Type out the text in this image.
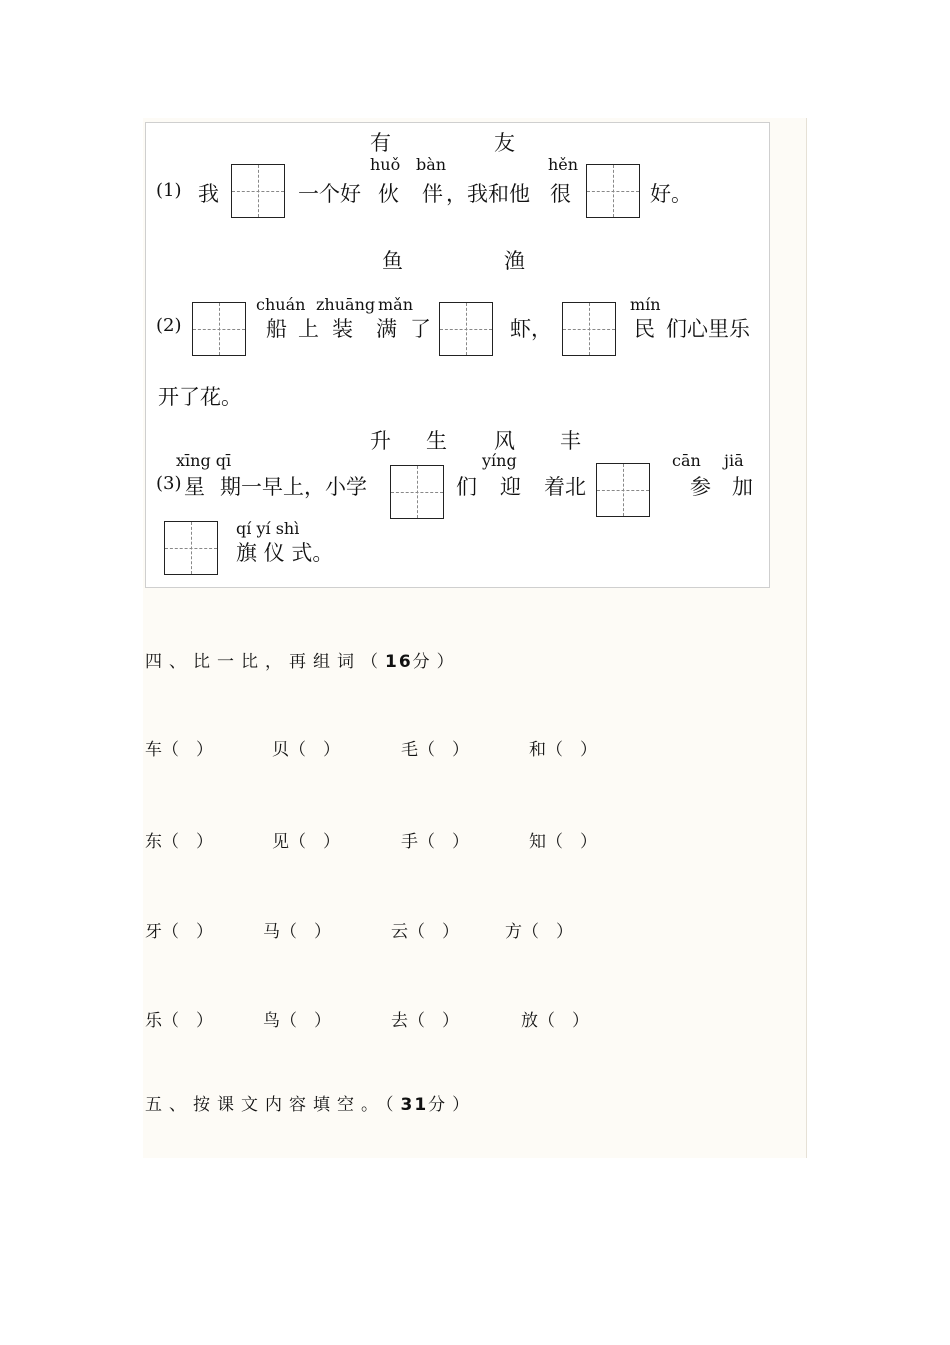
有	友
(1) 我	一个好
huǒ bàn
伙 伴 ，我和他
hěn
很	好。
鱼	渔
(2)
chuán zhuāng mǎn
船 上 装 满 了	虾，
mín
民 们心里乐
开了花。
升 生 风 丰
xīng qī
(3) 星 期一早上，小学	们
yíng
迎 着北
cān jiā
参 加
qí yí shì
旗 仪 式。
四、比一比，再组词（16分）
车（　）	贝（　）	毛（　）	和（　）
东（　）	见（　）	手（　）	知（　）
牙（　）	马（　）	云（　）	方（　）
乐（　）	鸟（　）	去（　）	放（　）
五、按课文内容填空。（31分）
